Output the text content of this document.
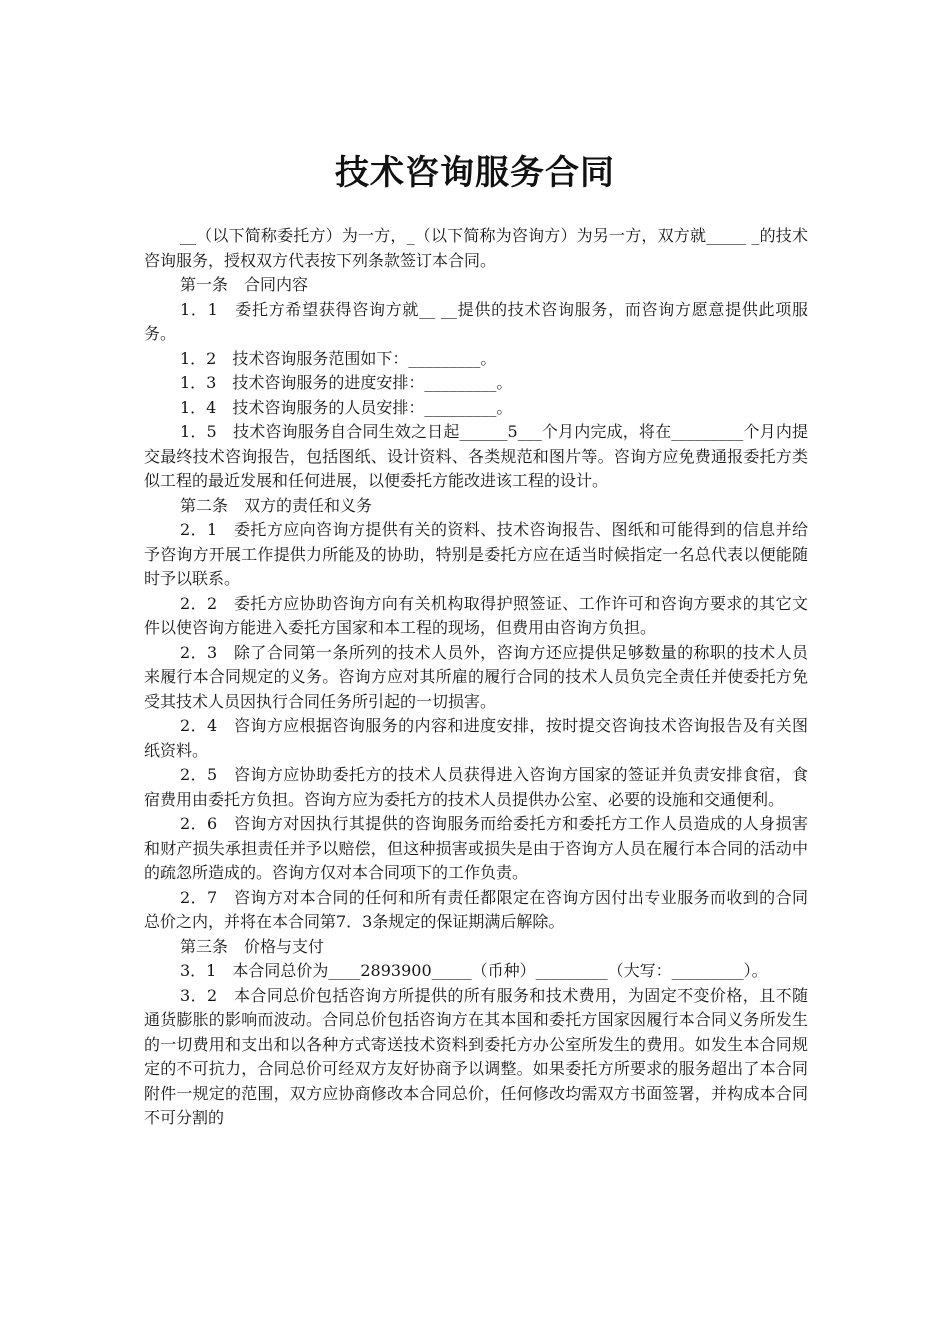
技术咨询服务合同

__（以下简称委托方）为一方，_（以下简称为咨询方）为另一方，双方就_____ _的技术咨询服务，授权双方代表按下列条款签订本合同。

第一条　合同内容

1．1　委托方希望获得咨询方就__ __提供的技术咨询服务，而咨询方愿意提供此项服务。

1．2　技术咨询服务范围如下：_________。

1．3　技术咨询服务的进度安排：_________。

1．4　技术咨询服务的人员安排：_________。

1．5　技术咨询服务自合同生效之日起______5___个月内完成，将在_________个月内提交最终技术咨询报告，包括图纸、设计资料、各类规范和图片等。咨询方应免费通报委托方类似工程的最近发展和任何进展，以便委托方能改进该工程的设计。

第二条　双方的责任和义务

2．1　委托方应向咨询方提供有关的资料、技术咨询报告、图纸和可能得到的信息并给予咨询方开展工作提供力所能及的协助，特别是委托方应在适当时候指定一名总代表以便能随时予以联系。

2．2　委托方应协助咨询方向有关机构取得护照签证、工作许可和咨询方要求的其它文件以使咨询方能进入委托方国家和本工程的现场，但费用由咨询方负担。

2．3　除了合同第一条所列的技术人员外，咨询方还应提供足够数量的称职的技术人员来履行本合同规定的义务。咨询方应对其所雇的履行合同的技术人员负完全责任并使委托方免受其技术人员因执行合同任务所引起的一切损害。

2．4　咨询方应根据咨询服务的内容和进度安排，按时提交咨询技术咨询报告及有关图纸资料。

2．5　咨询方应协助委托方的技术人员获得进入咨询方国家的签证并负责安排食宿，食宿费用由委托方负担。咨询方应为委托方的技术人员提供办公室、必要的设施和交通便利。

2．6　咨询方对因执行其提供的咨询服务而给委托方和委托方工作人员造成的人身损害和财产损失承担责任并予以赔偿，但这种损害或损失是由于咨询方人员在履行本合同的活动中的疏忽所造成的。咨询方仅对本合同项下的工作负责。

2．7　咨询方对本合同的任何和所有责任都限定在咨询方因付出专业服务而收到的合同总价之内，并将在本合同第7．3条规定的保证期满后解除。

第三条　价格与支付

3．1　本合同总价为____2893900_____（币种）_________（大写：_________）。

3．2　本合同总价包括咨询方所提供的所有服务和技术费用，为固定不变价格，且不随通货膨胀的影响而波动。合同总价包括咨询方在其本国和委托方国家因履行本合同义务所发生的一切费用和支出和以各种方式寄送技术资料到委托方办公室所发生的费用。如发生本合同规定的不可抗力，合同总价可经双方友好协商予以调整。如果委托方所要求的服务超出了本合同附件一规定的范围，双方应协商修改本合同总价，任何修改均需双方书面签署，并构成本合同不可分割的
